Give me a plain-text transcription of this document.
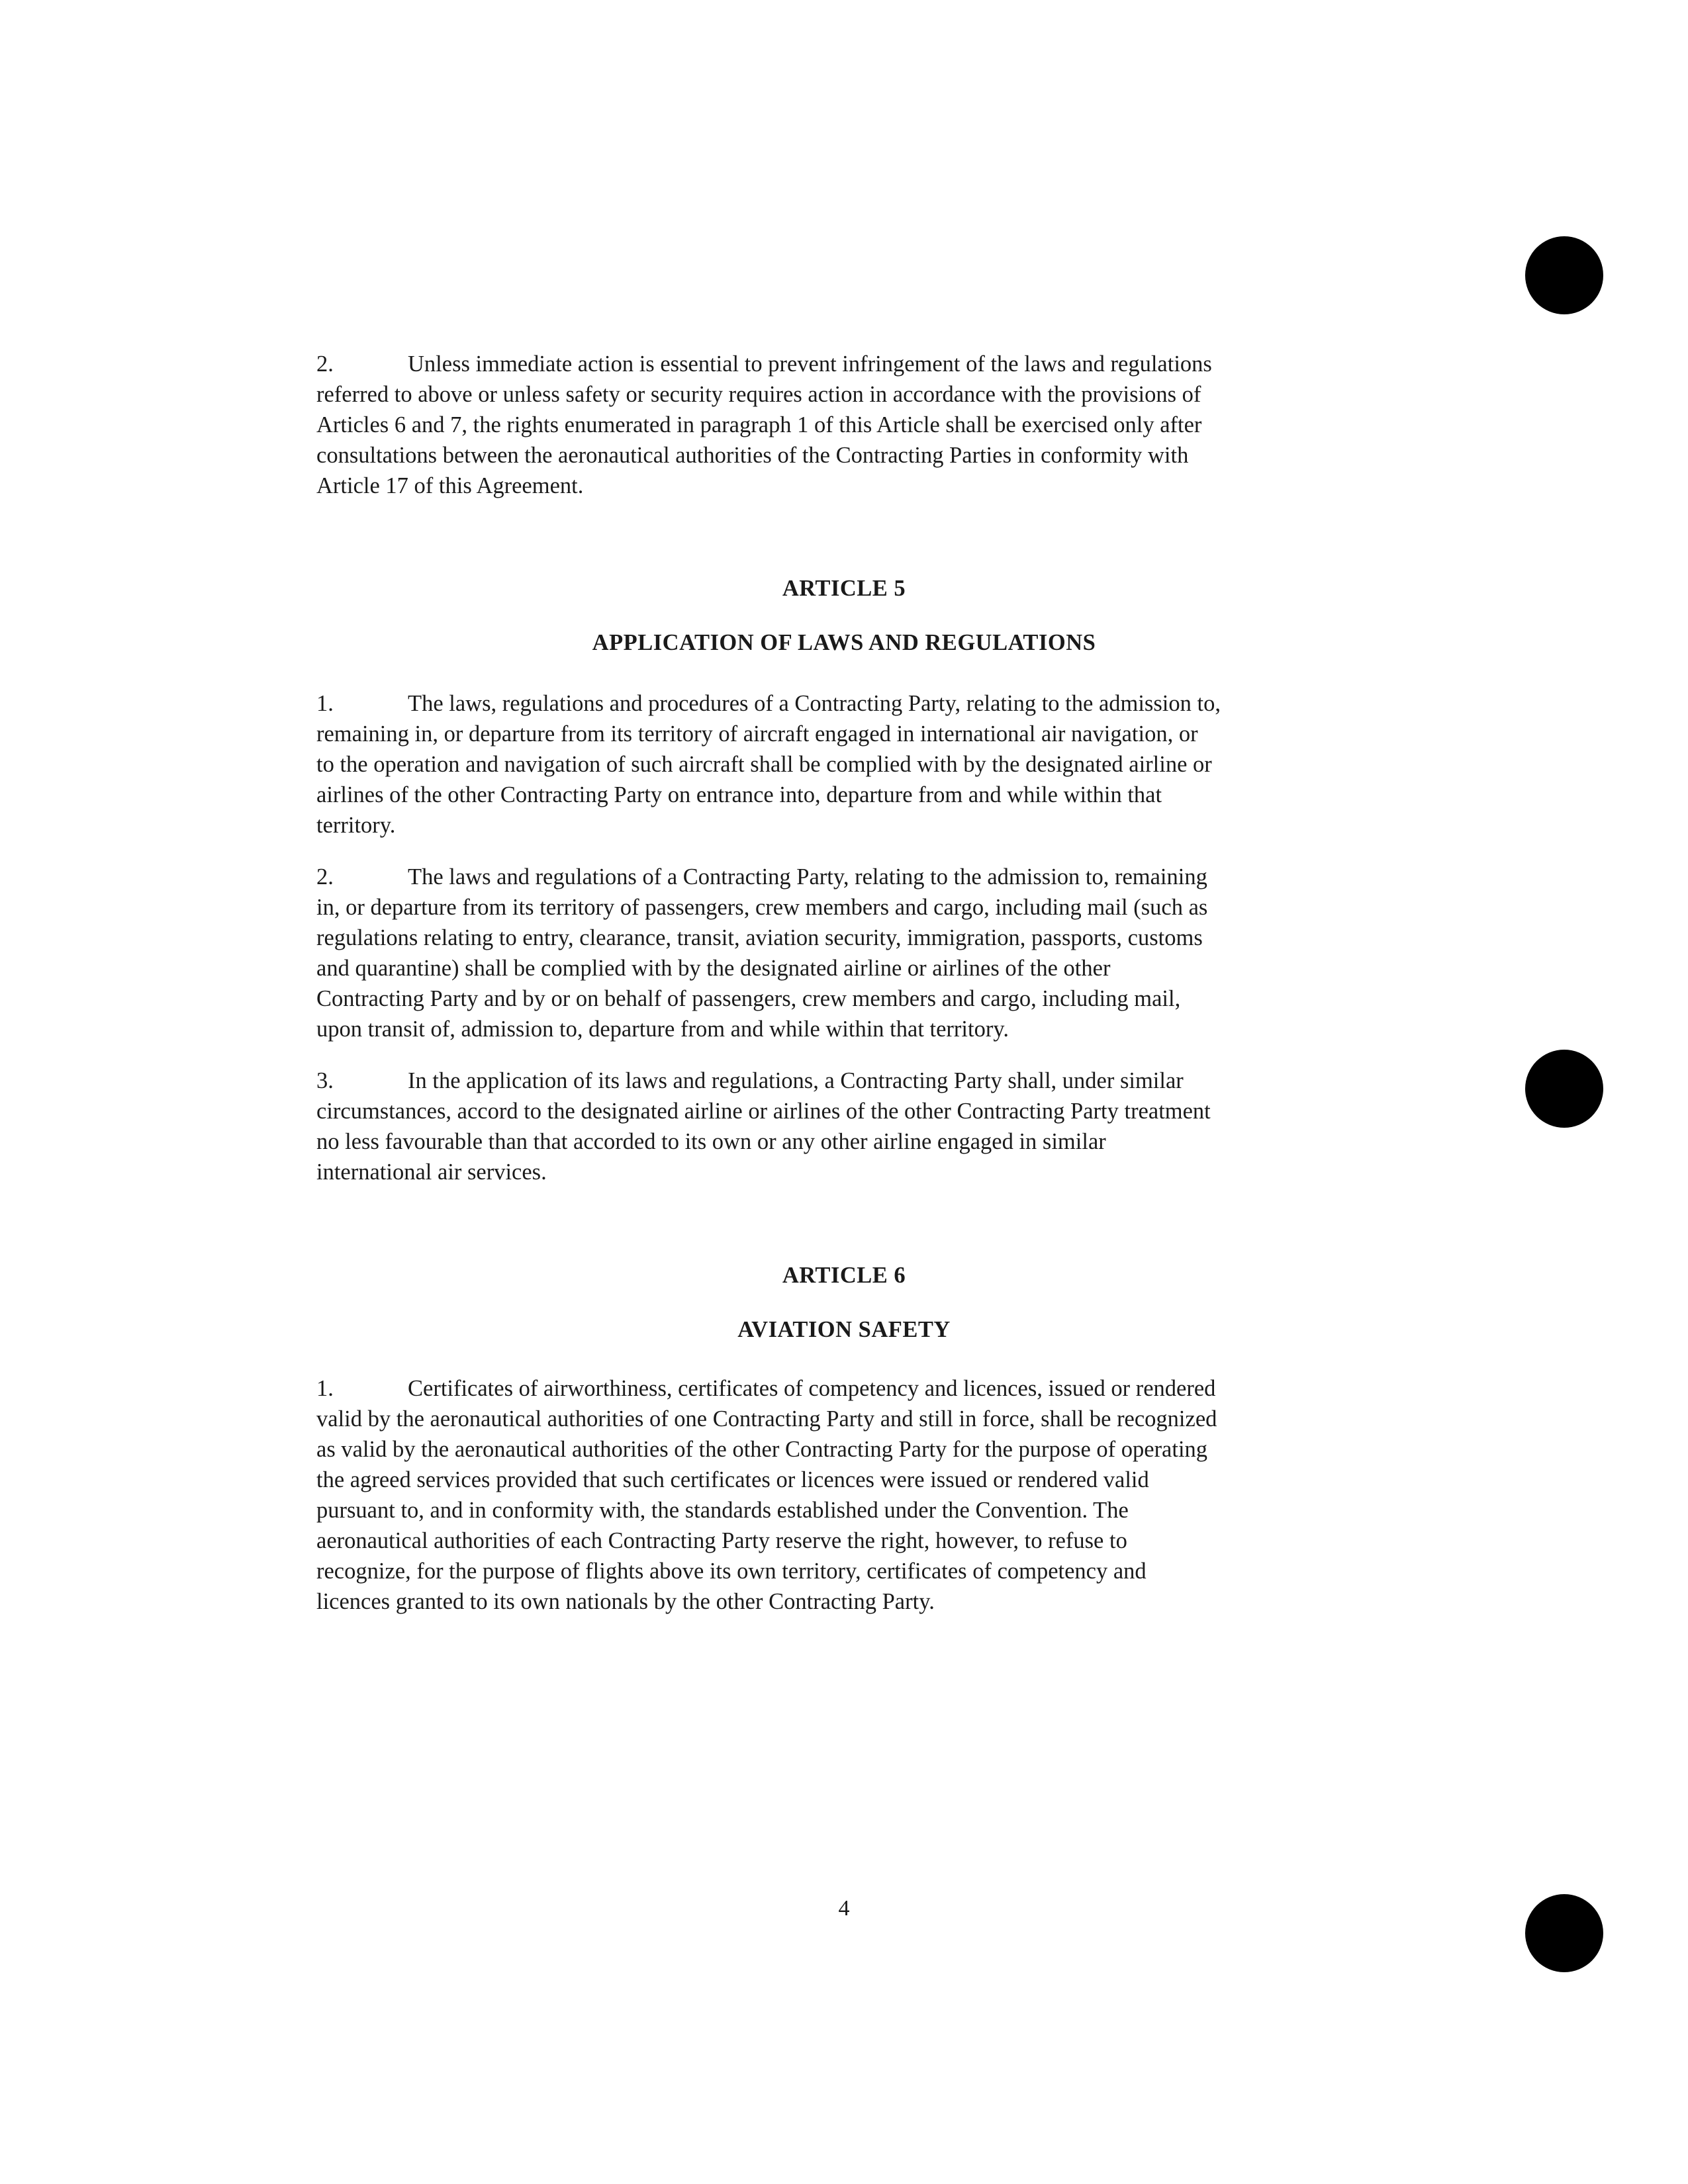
2.	Unless immediate action is essential to prevent infringement of the laws and regulations
referred to above or unless safety or security requires action in accordance with the provisions of
Articles 6 and 7, the rights enumerated in paragraph 1 of this Article shall be exercised only after
consultations between the aeronautical authorities of the Contracting Parties in conformity with
Article 17 of this Agreement.

ARTICLE 5
APPLICATION OF LAWS AND REGULATIONS

1.	The laws, regulations and procedures of a Contracting Party, relating to the admission to,
remaining in, or departure from its territory of aircraft engaged in international air navigation, or
to the operation and navigation of such aircraft shall be complied with by the designated airline or
airlines of the other Contracting Party on entrance into, departure from and while within that
territory.

2.	The laws and regulations of a Contracting Party, relating to the admission to, remaining
in, or departure from its territory of passengers, crew members and cargo, including mail (such as
regulations relating to entry, clearance, transit, aviation security, immigration, passports, customs
and quarantine) shall be complied with by the designated airline or airlines of the other
Contracting Party and by or on behalf of passengers, crew members and cargo, including mail,
upon transit of, admission to, departure from and while within that territory.

3.	In the application of its laws and regulations, a Contracting Party shall, under similar
circumstances, accord to the designated airline or airlines of the other Contracting Party treatment
no less favourable than that accorded to its own or any other airline engaged in similar
international air services.

ARTICLE 6
AVIATION SAFETY

1.	Certificates of airworthiness, certificates of competency and licences, issued or rendered
valid by the aeronautical authorities of one Contracting Party and still in force, shall be recognized
as valid by the aeronautical authorities of the other Contracting Party for the purpose of operating
the agreed services provided that such certificates or licences were issued or rendered valid
pursuant to, and in conformity with, the standards established under the Convention. The
aeronautical authorities of each Contracting Party reserve the right, however, to refuse to
recognize, for the purpose of flights above its own territory, certificates of competency and
licences granted to its own nationals by the other Contracting Party.

4
